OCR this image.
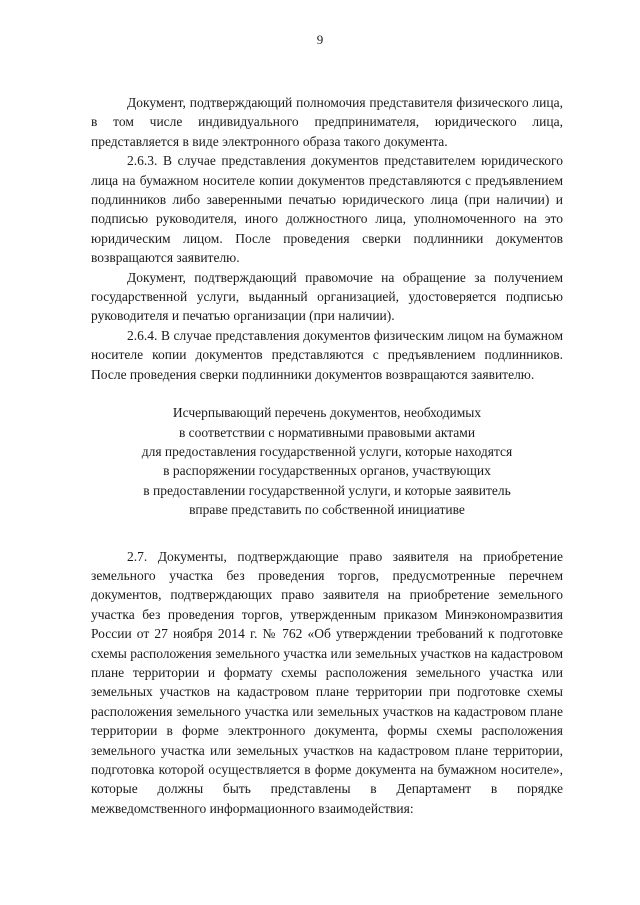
9

Документ, подтверждающий полномочия представителя физического лица, в том числе индивидуального предпринимателя, юридического лица, представляется в виде электронного образа такого документа.

2.6.3. В случае представления документов представителем юридического лица на бумажном носителе копии документов представляются с предъявлением подлинников либо заверенными печатью юридического лица (при наличии) и подписью руководителя, иного должностного лица, уполномоченного на это юридическим лицом. После проведения сверки подлинники документов возвращаются заявителю.

Документ, подтверждающий правомочие на обращение за получением государственной услуги, выданный организацией, удостоверяется подписью руководителя и печатью организации (при наличии).

2.6.4. В случае представления документов физическим лицом на бумажном носителе копии документов представляются с предъявлением подлинников. После проведения сверки подлинники документов возвращаются заявителю.

Исчерпывающий перечень документов, необходимых
в соответствии с нормативными правовыми актами
для предоставления государственной услуги, которые находятся
в распоряжении государственных органов, участвующих
в предоставлении государственной услуги, и которые заявитель
вправе представить по собственной инициативе

2.7. Документы, подтверждающие право заявителя на приобретение земельного участка без проведения торгов, предусмотренные перечнем документов, подтверждающих право заявителя на приобретение земельного участка без проведения торгов, утвержденным приказом Минэкономразвития России от 27 ноября 2014 г. № 762 «Об утверждении требований к подготовке схемы расположения земельного участка или земельных участков на кадастровом плане территории и формату схемы расположения земельного участка или земельных участков на кадастровом плане территории при подготовке схемы расположения земельного участка или земельных участков на кадастровом плане территории в форме электронного документа, формы схемы расположения земельного участка или земельных участков на кадастровом плане территории, подготовка которой осуществляется в форме документа на бумажном носителе», которые должны быть представлены в Департамент в порядке межведомственного информационного взаимодействия:
